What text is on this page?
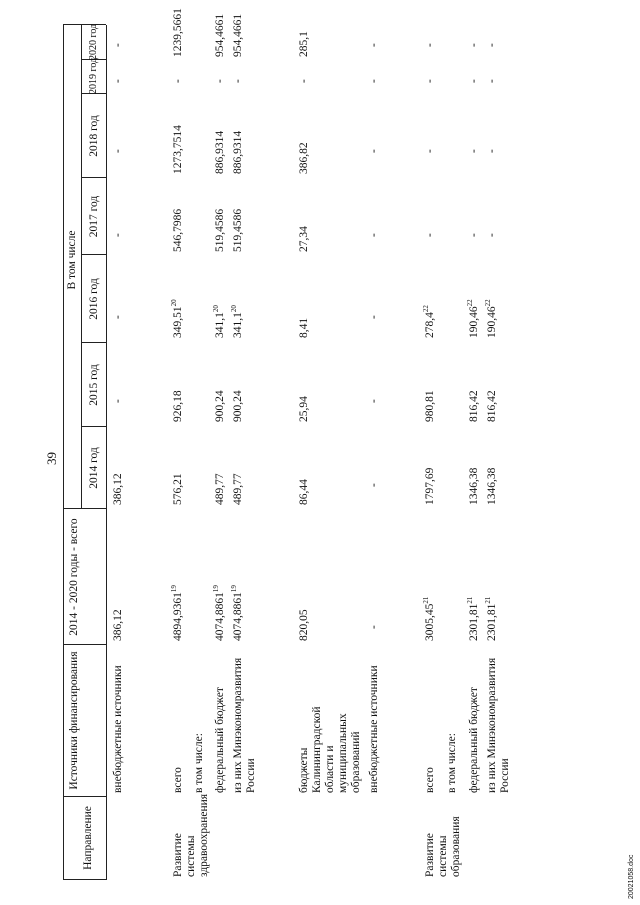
39
Направление
Источники финансирования
2014 - 2020 годы - всего
В том числе
2014 год
2015 год
2016 год
2017 год
2018 год
2019 год
2020 год
внебюджетные источники
386,12
386,12
-
-
-
-
-
-
Развитие системы здравоохранения
всего
4894,9361$^{19}$
576,21
926,18
349,51$^{20}$
546,7986
1273,7514
-
1239,5661
в том числе: федеральный бюджет
4074,8861$^{19}$
489,77
900,24
341,1$^{20}$
519,4586
886,9314
-
954,4661
из них Минэкономразвития России
4074,8861$^{19}$
489,77
900,24
341,1$^{20}$
519,4586
886,9314
-
954,4661
бюджеты Калининградской области и муниципальных образований
820,05
86,44
25,94
8,41
27,34
386,82
-
285,1
внебюджетные источники
-
-
-
-
-
-
-
-
Развитие системы образования
всего
3005,45$^{21}$
1797,69
980,81
278,4$^{22}$
-
-
-
-
в том числе: федеральный бюджет
2301,81$^{21}$
1346,38
816,42
190,46$^{22}$
-
-
-
-
из них Минэкономразвития России
2301,81$^{21}$
1346,38
816,42
190,46$^{22}$
-
-
-
-
20021058.doc
